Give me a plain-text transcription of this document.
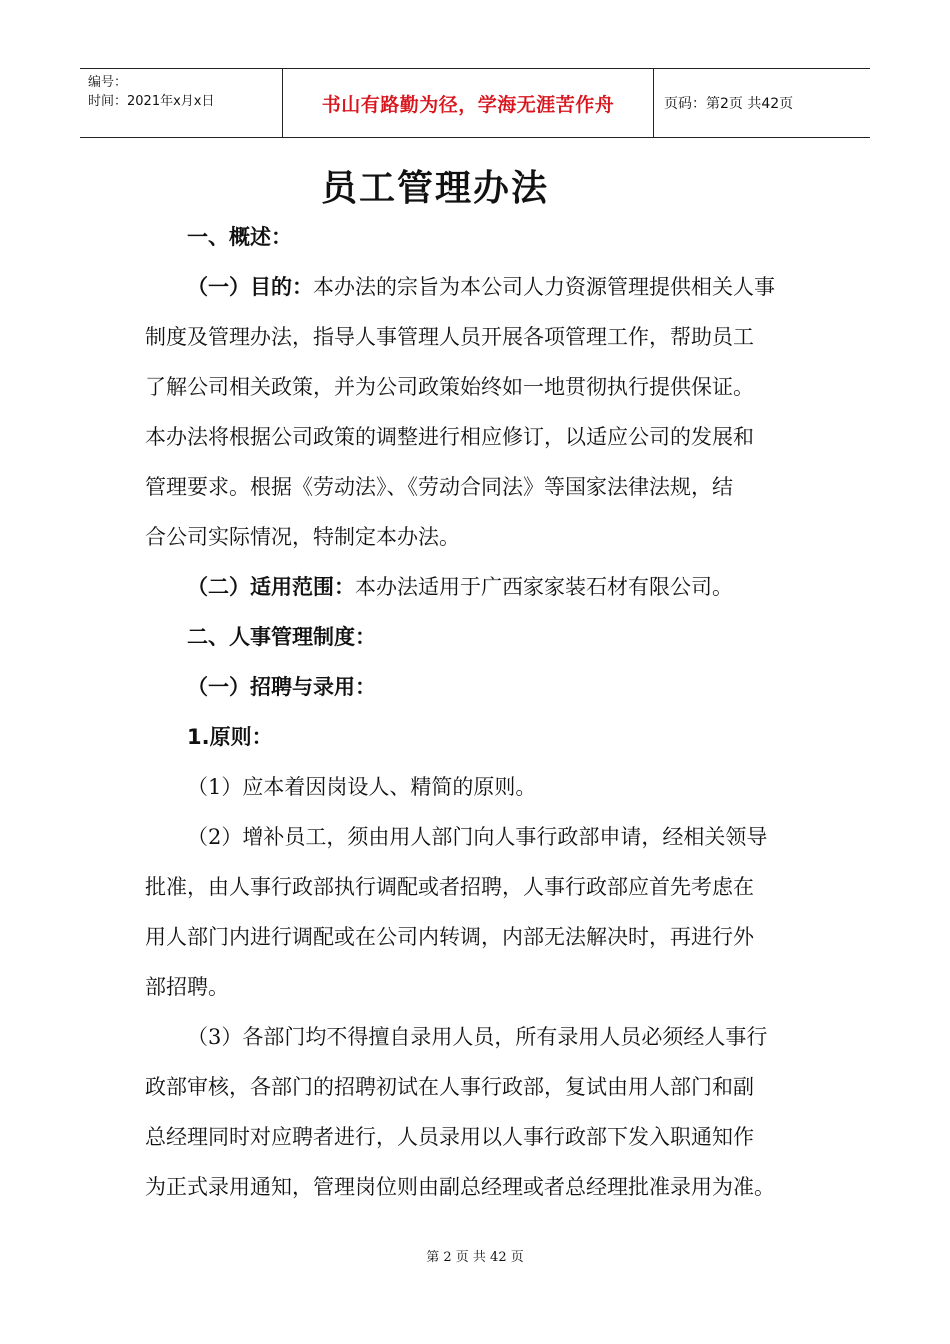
编号：
时间：2021年x月x日	书山有路勤为径，学海无涯苦作舟	页码：第2页 共42页
员工管理办法

一、概述：

（一）目的：本办法的宗旨为本公司人力资源管理提供相关人事

制度及管理办法，指导人事管理人员开展各项管理工作，帮助员工

了解公司相关政策，并为公司政策始终如一地贯彻执行提供保证。

本办法将根据公司政策的调整进行相应修订，以适应公司的发展和

管理要求。根据《劳动法》、《劳动合同法》等国家法律法规，结

合公司实际情况，特制定本办法。

（二）适用范围：本办法适用于广西家家装石材有限公司。

二、人事管理制度：

（一）招聘与录用：

1.原则：

（1）应本着因岗设人、精简的原则。

（2）增补员工，须由用人部门向人事行政部申请，经相关领导

批准，由人事行政部执行调配或者招聘，人事行政部应首先考虑在

用人部门内进行调配或在公司内转调，内部无法解决时，再进行外

部招聘。

（3）各部门均不得擅自录用人员，所有录用人员必须经人事行

政部审核，各部门的招聘初试在人事行政部，复试由用人部门和副

总经理同时对应聘者进行，人员录用以人事行政部下发入职通知作

为正式录用通知，管理岗位则由副总经理或者总经理批准录用为准。

第 2 页 共 42 页
